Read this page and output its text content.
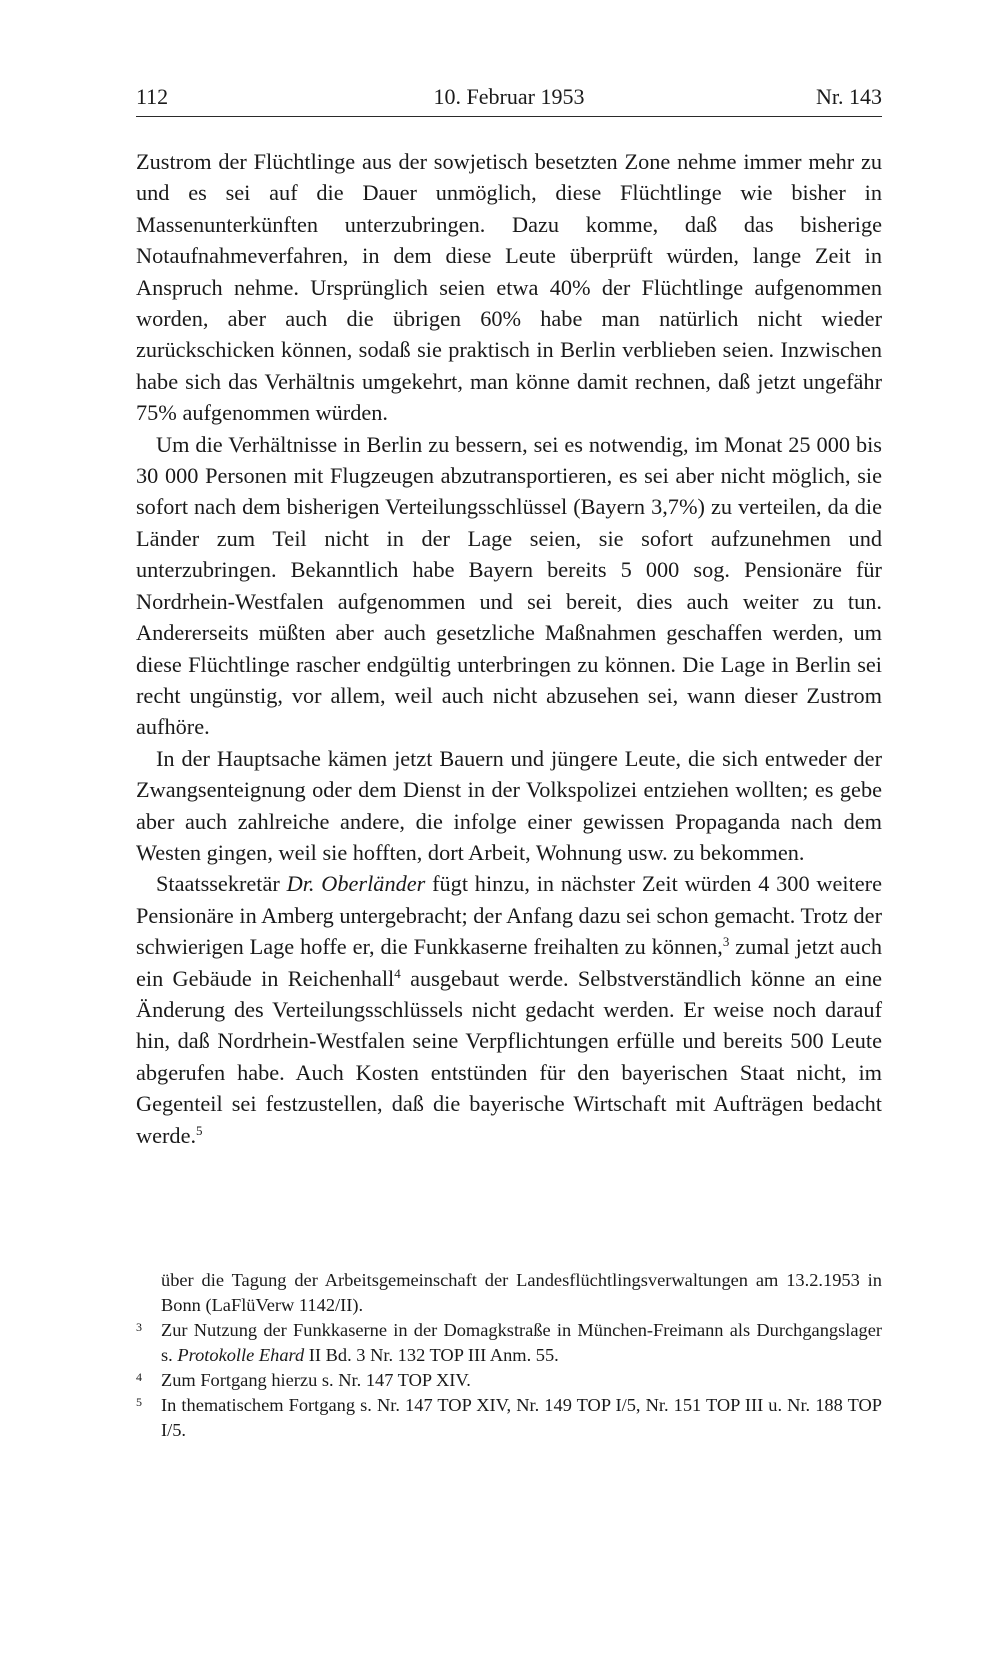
112	10. Februar 1953	Nr. 143

Zustrom der Flüchtlinge aus der sowjetisch besetzten Zone nehme immer mehr zu und es sei auf die Dauer unmöglich, diese Flüchtlinge wie bisher in Massenunterkünften unterzubringen. Dazu komme, daß das bisherige Notaufnahmeverfahren, in dem diese Leute überprüft würden, lange Zeit in Anspruch nehme. Ursprünglich seien etwa 40% der Flüchtlinge aufgenommen worden, aber auch die übrigen 60% habe man natürlich nicht wieder zurückschicken können, sodaß sie praktisch in Berlin verblieben seien. Inzwischen habe sich das Verhältnis umgekehrt, man könne damit rechnen, daß jetzt ungefähr 75% aufgenommen würden.

Um die Verhältnisse in Berlin zu bessern, sei es notwendig, im Monat 25 000 bis 30 000 Personen mit Flugzeugen abzutransportieren, es sei aber nicht möglich, sie sofort nach dem bisherigen Verteilungsschlüssel (Bayern 3,7%) zu verteilen, da die Länder zum Teil nicht in der Lage seien, sie sofort aufzunehmen und unterzubringen. Bekanntlich habe Bayern bereits 5 000 sog. Pensionäre für Nordrhein-Westfalen aufgenommen und sei bereit, dies auch weiter zu tun. Andererseits müßten aber auch gesetzliche Maßnahmen geschaffen werden, um diese Flüchtlinge rascher endgültig unterbringen zu können. Die Lage in Berlin sei recht ungünstig, vor allem, weil auch nicht abzusehen sei, wann dieser Zustrom aufhöre.

In der Hauptsache kämen jetzt Bauern und jüngere Leute, die sich entweder der Zwangsenteignung oder dem Dienst in der Volkspolizei entziehen wollten; es gebe aber auch zahlreiche andere, die infolge einer gewissen Propaganda nach dem Westen gingen, weil sie hofften, dort Arbeit, Wohnung usw. zu bekommen.

Staatssekretär Dr. Oberländer fügt hinzu, in nächster Zeit würden 4 300 weitere Pensionäre in Amberg untergebracht; der Anfang dazu sei schon gemacht. Trotz der schwierigen Lage hoffe er, die Funkkaserne freihalten zu können,$^3$ zumal jetzt auch ein Gebäude in Reichenhall$^4$ ausgebaut werde. Selbstverständlich könne an eine Änderung des Verteilungsschlüssels nicht gedacht werden. Er weise noch darauf hin, daß Nordrhein-Westfalen seine Verpflichtungen erfülle und bereits 500 Leute abgerufen habe. Auch Kosten entstünden für den bayerischen Staat nicht, im Gegenteil sei festzustellen, daß die bayerische Wirtschaft mit Aufträgen bedacht werde.$^5$

über die Tagung der Arbeitsgemeinschaft der Landesflüchtlingsverwaltungen am 13.2.1953 in Bonn (LaFlüVerw 1142/II).

3 Zur Nutzung der Funkkaserne in der Domagkstraße in München-Freimann als Durchgangslager s. Protokolle Ehard II Bd. 3 Nr. 132 TOP III Anm. 55.

4 Zum Fortgang hierzu s. Nr. 147 TOP XIV.

5 In thematischem Fortgang s. Nr. 147 TOP XIV, Nr. 149 TOP I/5, Nr. 151 TOP III u. Nr. 188 TOP I/5.
